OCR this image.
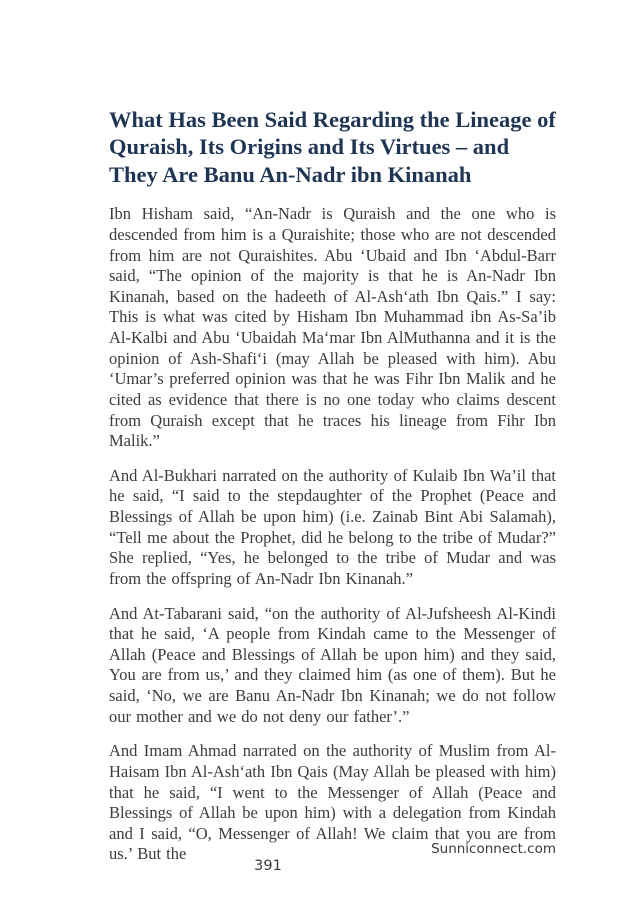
What Has Been Said Regarding the Lineage of Quraish, Its Origins and Its Virtues – and They Are Banu An-Nadr ibn Kinanah

Ibn Hisham said, “An-Nadr is Quraish and the one who is descended from him is a Quraishite; those who are not descended from him are not Quraishites. Abu ‘Ubaid and Ibn ‘Abdul-Barr said, “The opinion of the majority is that he is An-Nadr Ibn Kinanah, based on the hadeeth of Al-Ash‘ath Ibn Qais.” I say: This is what was cited by Hisham Ibn Muhammad ibn As-Sa’ib Al-Kalbi and Abu ‘Ubaidah Ma‘mar Ibn AlMuthanna and it is the opinion of Ash-Shafi‘i (may Allah be pleased with him). Abu ‘Umar’s preferred opinion was that he was Fihr Ibn Malik and he cited as evidence that there is no one today who claims descent from Quraish except that he traces his lineage from Fihr Ibn Malik.”

And Al-Bukhari narrated on the authority of Kulaib Ibn Wa’il that he said, “I said to the stepdaughter of the Prophet (Peace and Blessings of Allah be upon him) (i.e. Zainab Bint Abi Salamah), “Tell me about the Prophet, did he belong to the tribe of Mudar?” She replied, “Yes, he belonged to the tribe of Mudar and was from the offspring of An-Nadr Ibn Kinanah.”

And At-Tabarani said, “on the authority of Al-Jufsheesh Al-Kindi that he said, ‘A people from Kindah came to the Messenger of Allah (Peace and Blessings of Allah be upon him) and they said, You are from us,’ and they claimed him (as one of them). But he said, ‘No, we are Banu An-Nadr Ibn Kinanah; we do not follow our mother and we do not deny our father’.”

And Imam Ahmad narrated on the authority of Muslim from Al-Haisam Ibn Al-Ash‘ath Ibn Qais (May Allah be pleased with him) that he said, “I went to the Messenger of Allah (Peace and Blessings of Allah be upon him) with a delegation from Kindah and I said, “O, Messenger of Allah! We claim that you are from us.’ But the	Sunniconnect.com
391
